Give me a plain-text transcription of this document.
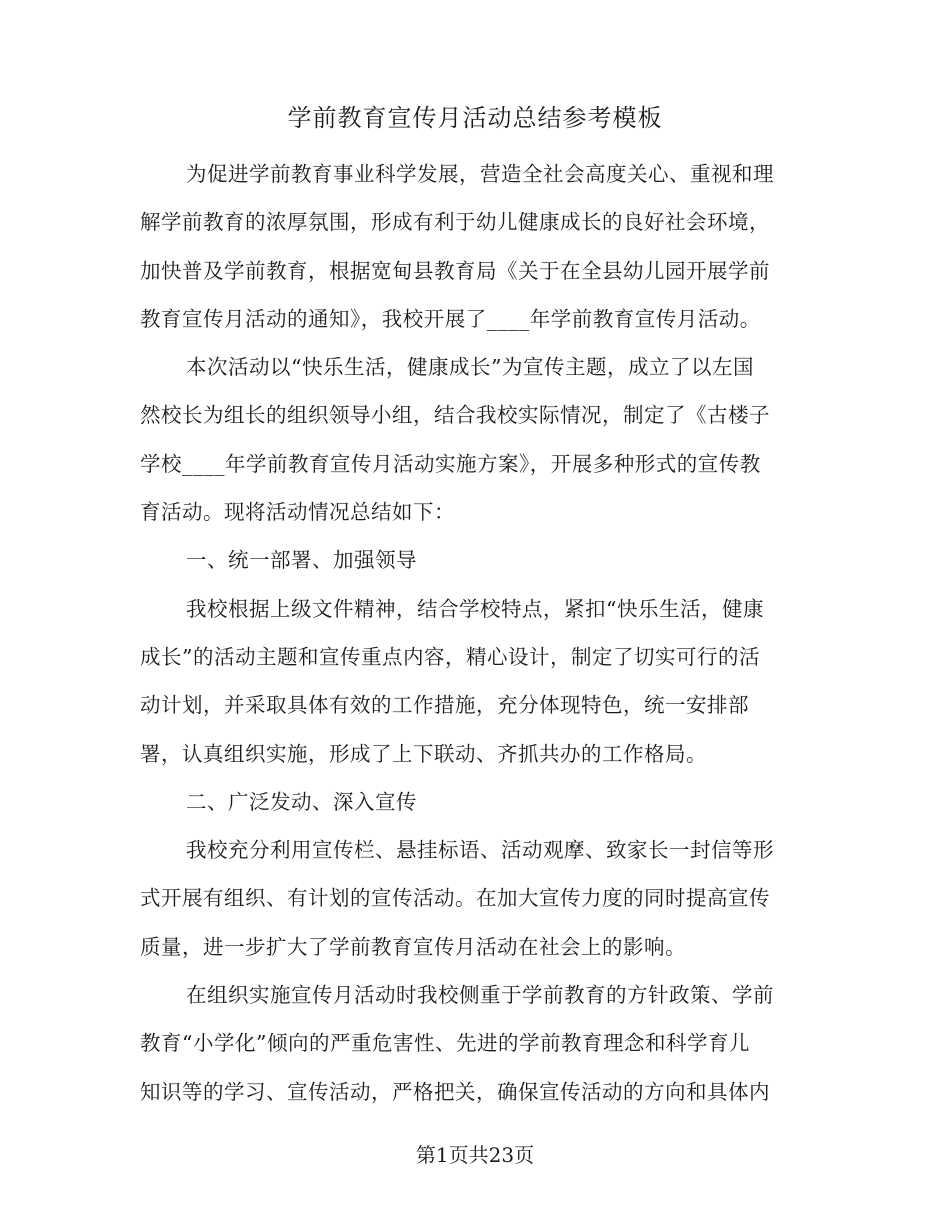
学前教育宣传月活动总结参考模板
为促进学前教育事业科学发展，营造全社会高度关心、重视和理
解学前教育的浓厚氛围，形成有利于幼儿健康成长的良好社会环境，
加快普及学前教育，根据宽甸县教育局《关于在全县幼儿园开展学前
教育宣传月活动的通知》，我校开展了____年学前教育宣传月活动。
本次活动以“快乐生活，健康成长”为宣传主题，成立了以左国
然校长为组长的组织领导小组，结合我校实际情况，制定了《古楼子
学校____年学前教育宣传月活动实施方案》，开展多种形式的宣传教
育活动。现将活动情况总结如下：
一、统一部署、加强领导
我校根据上级文件精神，结合学校特点，紧扣“快乐生活，健康
成长”的活动主题和宣传重点内容，精心设计，制定了切实可行的活
动计划，并采取具体有效的工作措施，充分体现特色，统一安排部
署，认真组织实施，形成了上下联动、齐抓共办的工作格局。
二、广泛发动、深入宣传
我校充分利用宣传栏、悬挂标语、活动观摩、致家长一封信等形
式开展有组织、有计划的宣传活动。在加大宣传力度的同时提高宣传
质量，进一步扩大了学前教育宣传月活动在社会上的影响。
在组织实施宣传月活动时我校侧重于学前教育的方针政策、学前
教育“小学化”倾向的严重危害性、先进的学前教育理念和科学育儿
知识等的学习、宣传活动，严格把关，确保宣传活动的方向和具体内
第1页共23页
